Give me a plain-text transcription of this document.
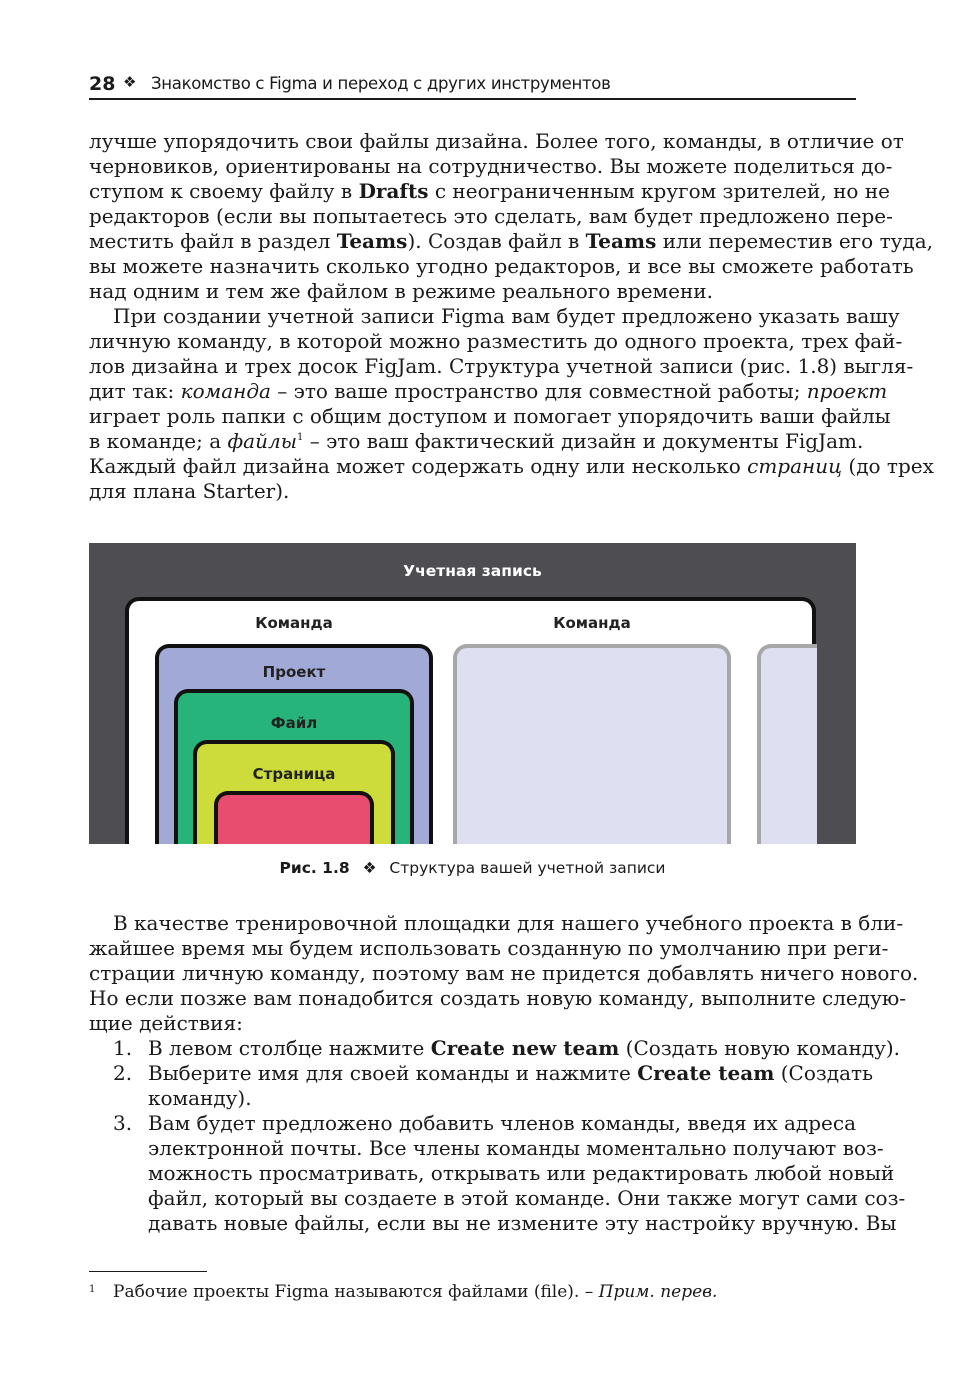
28 ❖ Знакомство с Figma и переход с других инструментов

лучше упорядочить свои файлы дизайна. Более того, команды, в отличие от
черновиков, ориентированы на сотрудничество. Вы можете поделиться до-
ступом к своему файлу в Drafts с неограниченным кругом зрителей, но не
редакторов (если вы попытаетесь это сделать, вам будет предложено пере-
местить файл в раздел Teams). Создав файл в Teams или переместив его туда,
вы можете назначить сколько угодно редакторов, и все вы сможете работать
над одним и тем же файлом в режиме реального времени.

При создании учетной записи Figma вам будет предложено указать вашу
личную команду, в которой можно разместить до одного проекта, трех фай-
лов дизайна и трех досок FigJam. Структура учетной записи (рис. 1.8) выгля-
дит так: команда – это ваше пространство для совместной работы; проект
играет роль папки с общим доступом и помогает упорядочить ваши файлы
в команде; а файлы$^1$ – это ваш фактический дизайн и документы FigJam.
Каждый файл дизайна может содержать одну или несколько страниц (до трех
для плана Starter).

Учетная запись
Команда	Команда
Проект
Файл
Страница
Рис. 1.8 ❖ Структура вашей учетной записи

В качестве тренировочной площадки для нашего учебного проекта в бли-
жайшее время мы будем использовать созданную по умолчанию при реги-
страции личную команду, поэтому вам не придется добавлять ничего нового.
Но если позже вам понадобится создать новую команду, выполните следую-
щие действия:

1. В левом столбце нажмите Create new team (Создать новую команду).
2. Выберите имя для своей команды и нажмите Create team (Создать
команду).
3. Вам будет предложено добавить членов команды, введя их адреса
электронной почты. Все члены команды моментально получают воз-
можность просматривать, открывать или редактировать любой новый
файл, который вы создаете в этой команде. Они также могут сами соз-
давать новые файлы, если вы не измените эту настройку вручную. Вы
1 Рабочие проекты Figma называются файлами (file). – Прим. перев.
